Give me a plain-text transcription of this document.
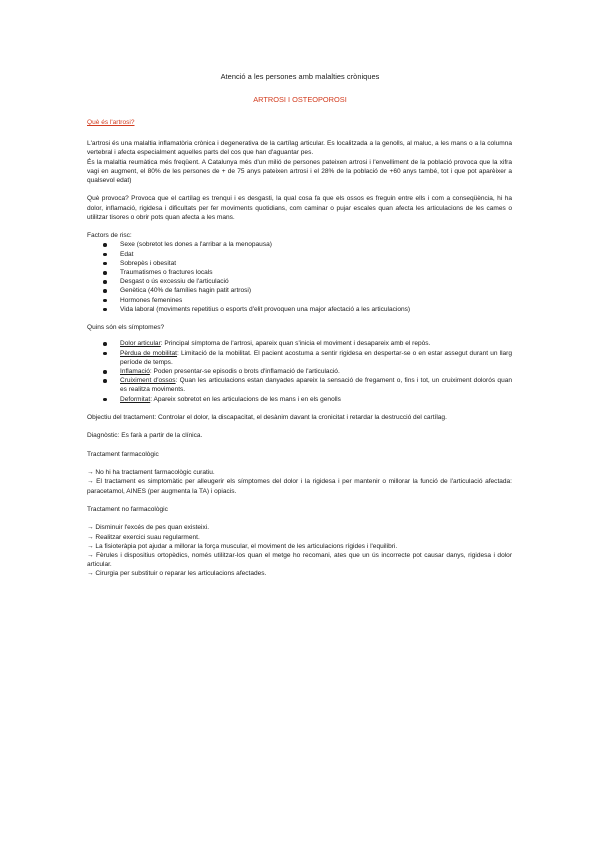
Atenció a les persones amb malalties cròniques
ARTROSI I OSTEOPOROSI

Què és l'artrosi?

L'artrosi és una malaltia inflamatòria crònica i degenerativa de la cartílag articular. Es localitzada a la genolls, al maluc, a les mans o a la columna vertebral i afecta especialment aquelles parts del cos que han d'aguantar pes.

És la malaltia reumàtica més freqüent. A Catalunya més d'un milió de persones pateixen artrosi i l'envelliment de la població provoca que la xifra vagi en augment, el 80% de les persones de + de 75 anys pateixen artrosi i el 28% de la població de +60 anys també, tot i que pot aparèixer a qualsevol edat)

Què provoca? Provoca que el cartílag es trenqui i es desgasti, la qual cosa fa que els ossos es freguin entre ells i com a conseqüència, hi ha dolor, inflamació, rigidesa i dificultats per fer moviments quotidians, com caminar o pujar escales quan afecta les articulacions de les cames o utilitzar tisores o obrir pots quan afecta a les mans.

Factors de risc:

Sexe (sobretot les dones a l'arribar a la menopausa)
Edat
Sobrepès i obesitat
Traumatismes o fractures locals
Desgast o ús excessiu de l'articulació
Genètica (40% de famílies hagin patit artrosi)
Hormones femenines
Vida laboral (moviments repetitius o esports d'elit provoquen una major afectació a les articulacions)

Quins són els símptomes?

Dolor articular: Principal símptoma de l'artrosi, apareix quan s'inicia el moviment i desapareix amb el repòs.
Pèrdua de mobilitat: Limitació de la mobilitat. El pacient acostuma a sentir rigidesa en despertar-se o en estar assegut durant un llarg període de temps.
Inflamació: Poden presentar-se episodis o brots d'inflamació de l'articulació.
Cruiximent d'ossos: Quan les articulacions estan danyades apareix la sensació de fregament o, fins i tot, un cruiximent dolorós quan es realitza moviments.
Deformitat: Apareix sobretot en les articulacions de les mans i en els genolls

Objectiu del tractament: Controlar el dolor, la discapacitat, el desànim davant la cronicitat i retardar la destrucció del cartílag.

Diagnòstic: Es farà a partir de la clínica.

Tractament farmacològic

→ No hi ha tractament farmacològic curatiu.

→ El tractament es simptomàtic per alleugerir els símptomes del dolor i la rigidesa i per mantenir o millorar la funció de l'articulació afectada: paracetamol, AINES (per augmenta la TA) i opiacis.

Tractament no farmacològic

→ Disminuir l'excés de pes quan existeixi.

→ Realitzar exercici suau regularment.

→ La fisioteràpia pot ajudar a millorar la força muscular, el moviment de les articulacions rígides i l'equilibri.

→ Fèrules i dispositius ortopèdics, només utilitzar-los quan el metge ho recomani, ates que un ús incorrecte pot causar danys, rigidesa i dolor articular.

→ Cirurgia per substituir o reparar les articulacions afectades.
